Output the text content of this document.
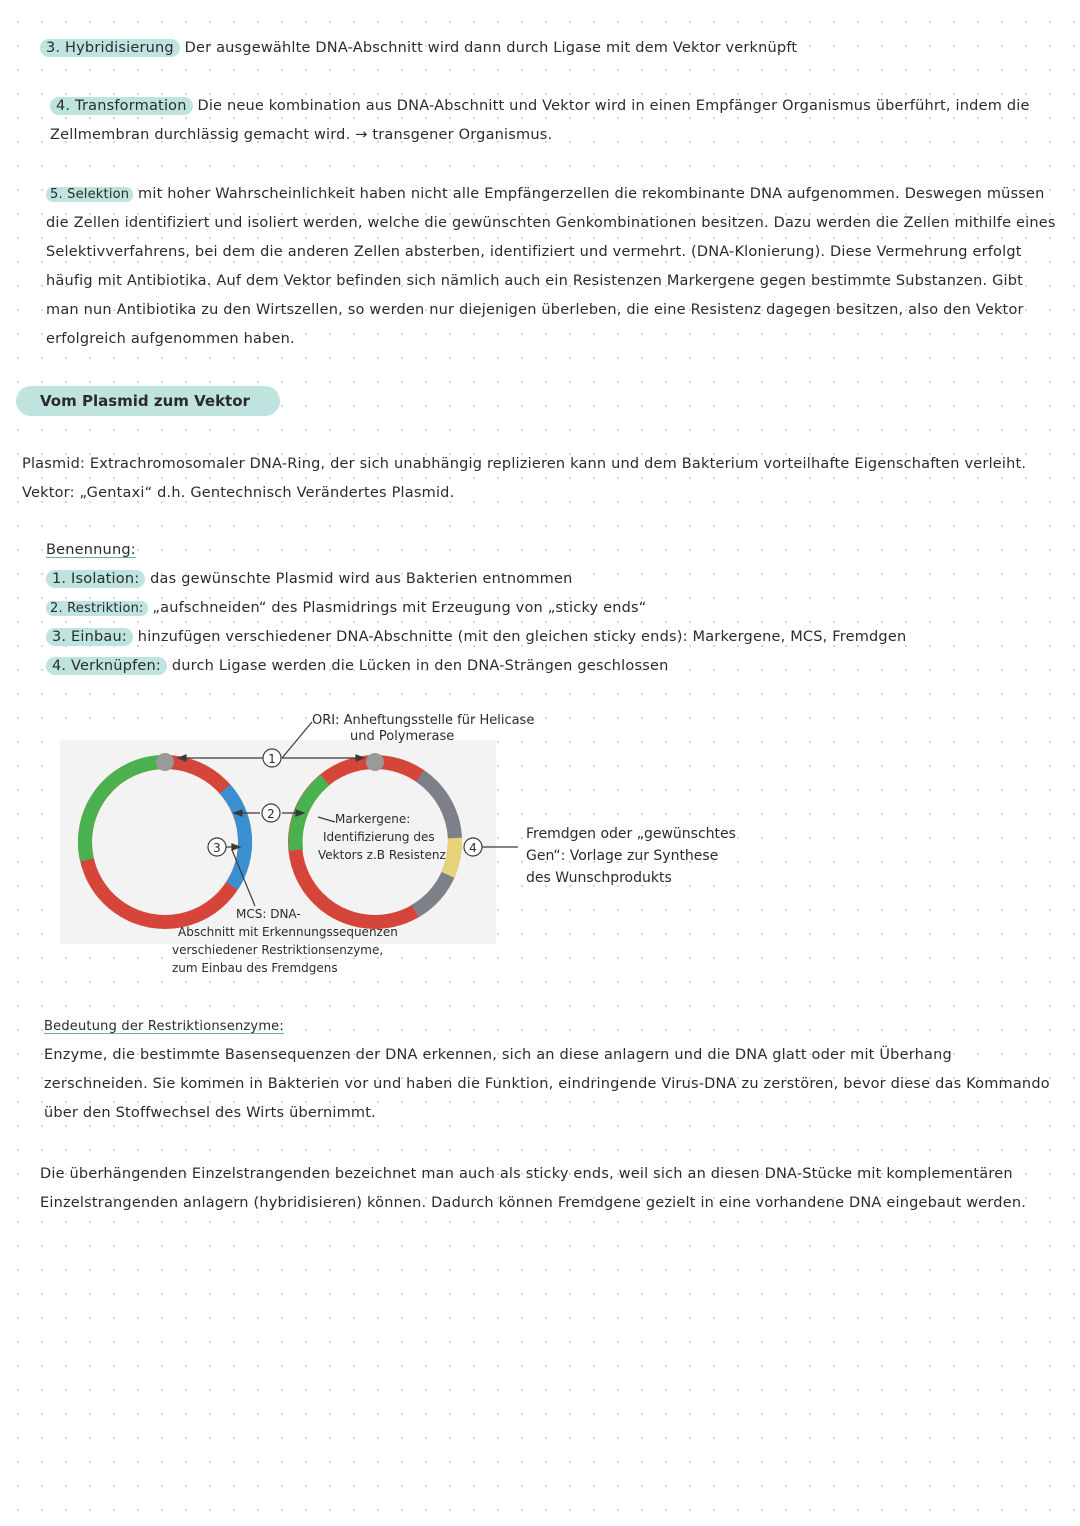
3. Hybridisierung Der ausgewählte DNA-Abschnitt wird dann durch Ligase mit dem Vektor verknüpft
4. Transformation Die neue kombination aus DNA-Abschnitt und Vektor wird in einen Empfänger Organismus überführt, indem die Zellmembran durchlässig gemacht wird. → transgener Organismus.
5. Selektion mit hoher Wahrscheinlichkeit haben nicht alle Empfängerzellen die rekombinante DNA aufgenommen. Deswegen müssen die Zellen identifiziert und isoliert werden, welche die gewünschten Genkombinationen besitzen. Dazu werden die Zellen mithilfe eines Selektivverfahrens, bei dem die anderen Zellen absterben, identifiziert und vermehrt. (DNA-Klonierung). Diese Vermehrung erfolgt häufig mit Antibiotika. Auf dem Vektor befinden sich nämlich auch ein Resistenzen Markergene gegen bestimmte Substanzen. Gibt man nun Antibiotika zu den Wirtszellen, so werden nur diejenigen überleben, die eine Resistenz dagegen besitzen, also den Vektor erfolgreich aufgenommen haben.
Vom Plasmid zum Vektor
Plasmid: Extrachromosomaler DNA-Ring, der sich unabhängig replizieren kann und dem Bakterium vorteilhafte Eigenschaften verleiht.
Vektor: „Gentaxi“ d.h. Gentechnisch Verändertes Plasmid.
Benennung:
1. Isolation: das gewünschte Plasmid wird aus Bakterien entnommen
2. Restriktion: „aufschneiden“ des Plasmidrings mit Erzeugung von „sticky ends“
3. Einbau: hinzufügen verschiedener DNA-Abschnitte (mit den gleichen sticky ends): Markergene, MCS, Fremdgen
4. Verknüpfen: durch Ligase werden die Lücken in den DNA-Strängen geschlossen
1
2
3	4
ORI: Anheftungsstelle für Helicase
und Polymerase
Markergene:
Identifizierung des
Vektors z.B Resistenz
Fremdgen oder „gewünschtes
Gen“: Vorlage zur Synthese
des Wunschprodukts
MCS: DNA-
Abschnitt mit Erkennungssequenzen
verschiedener Restriktionsenzyme,
zum Einbau des Fremdgens
Bedeutung der Restriktionsenzyme:
Enzyme, die bestimmte Basensequenzen der DNA erkennen, sich an diese anlagern und die DNA glatt oder mit Überhang zerschneiden. Sie kommen in Bakterien vor und haben die Funktion, eindringende Virus-DNA zu zerstören, bevor diese das Kommando über den Stoffwechsel des Wirts übernimmt.
Die überhängenden Einzelstrangenden bezeichnet man auch als sticky ends, weil sich an diesen DNA-Stücke mit komplementären Einzelstrangenden anlagern (hybridisieren) können. Dadurch können Fremdgene gezielt in eine vorhandene DNA eingebaut werden.
